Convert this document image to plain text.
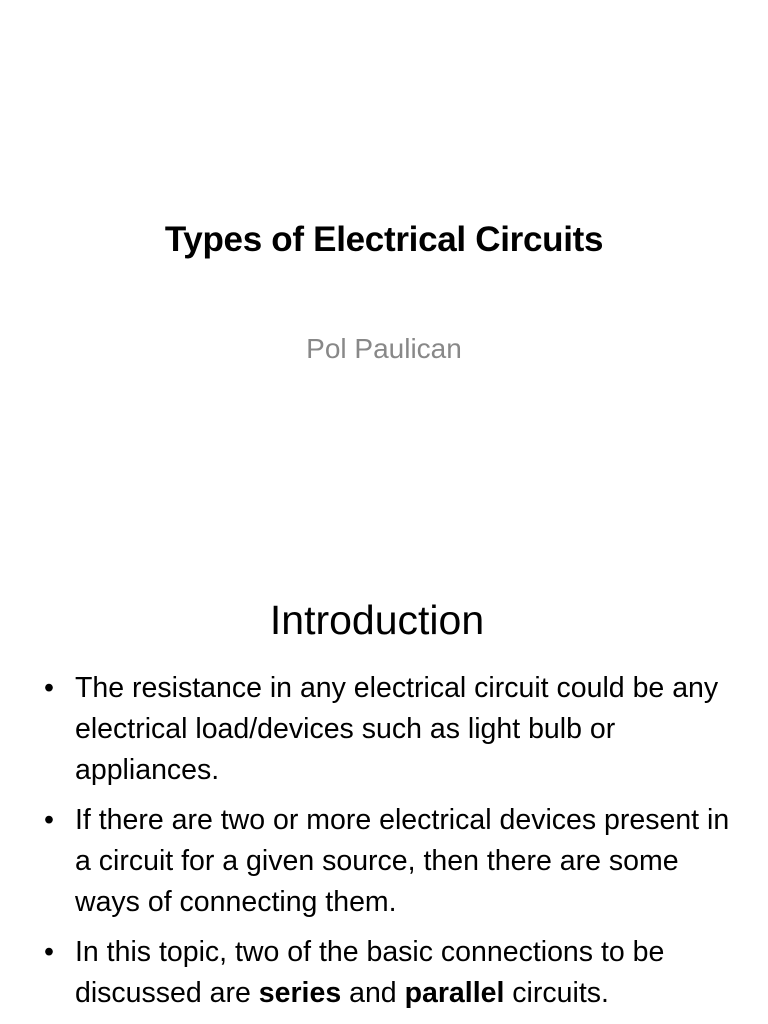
Types of Electrical Circuits
Pol Paulican
Introduction
• The resistance in any electrical circuit could be any electrical load/devices such as light bulb or appliances.
• If there are two or more electrical devices present in a circuit for a given source, then there are some ways of connecting them.
• In this topic, two of the basic connections to be discussed are series and parallel circuits.
